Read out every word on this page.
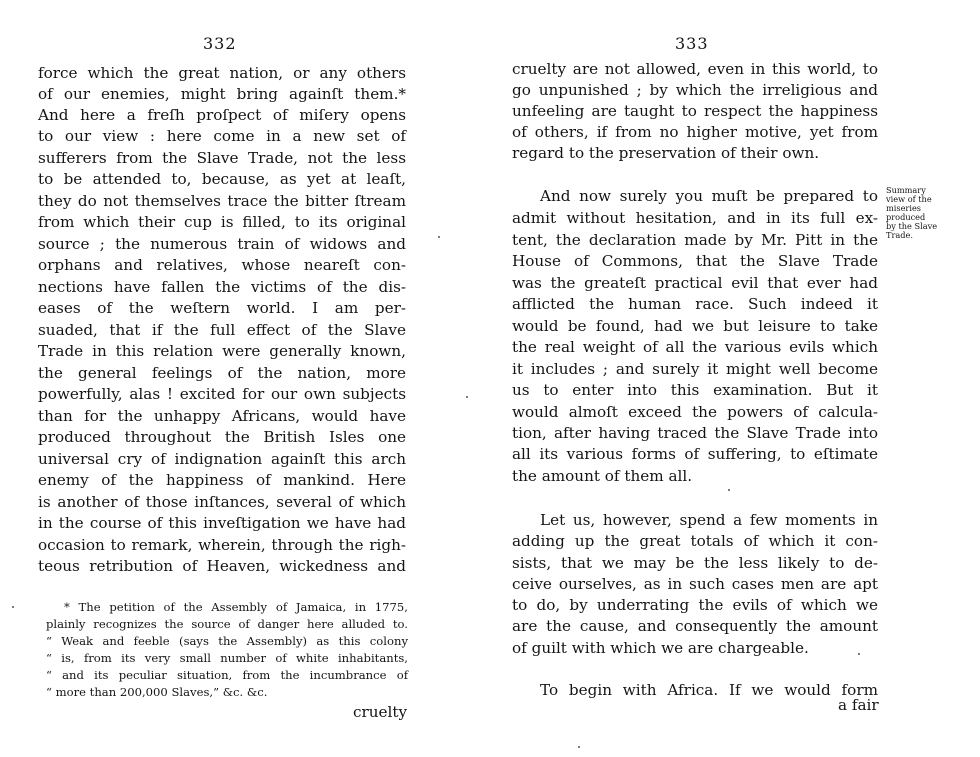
332
force which the great nation, or any others
of our enemies, might bring againſt them.*
And here a freſh proſpect of miſery opens
to our view : here come in a new set of
sufferers from the Slave Trade, not the less
to be attended to, because, as yet at leaſt,
they do not themselves trace the bitter ſtream
from which their cup is filled, to its original
source ; the numerous train of widows and
orphans and relatives, whose neareſt con-
nections have fallen the victims of the dis-
eases of the weſtern world. I am per-
suaded, that if the full effect of the Slave
Trade in this relation were generally known,
the general feelings of the nation, more
powerfully, alas ! excited for our own subjects
than for the unhappy Africans, would have
produced throughout the British Isles one
universal cry of indignation againſt this arch
enemy of the happiness of mankind. Here
is another of those inſtances, several of which
in the course of this inveſtigation we have had
occasion to remark, wherein, through the righ-
teous retribution of Heaven, wickedness and
* The petition of the Assembly of Jamaica, in 1775,
plainly recognizes the source of danger here alluded to.
“ Weak and feeble (says the Assembly) as this colony
“ is, from its very small number of white inhabitants,
“ and its peculiar situation, from the incumbrance of
“ more than 200,000 Slaves,” &c. &c.
cruelty
333
cruelty are not allowed, even in this world, to
go unpunished ; by which the irreligious and
unfeeling are taught to respect the happiness
of others, if from no higher motive, yet from
regard to the preservation of their own.
And now surely you muſt be prepared to
admit without hesitation, and in its full ex-
tent, the declaration made by Mr. Pitt in the
House of Commons, that the Slave Trade
was the greateſt practical evil that ever had
afflicted the human race. Such indeed it
would be found, had we but leisure to take
the real weight of all the various evils which
it includes ; and surely it might well become
us to enter into this examination. But it
would almoſt exceed the powers of calcula-
tion, after having traced the Slave Trade into
all its various forms of suffering, to eſtimate
the amount of them all.
Let us, however, spend a few moments in
adding up the great totals of which it con-
sists, that we may be the less likely to de-
ceive ourselves, as in such cases men are apt
to do, by underrating the evils of which we
are the cause, and consequently the amount
of guilt with which we are chargeable.
To begin with Africa. If we would form
a fair
Summary
view of the
miseries
produced
by the Slave
Trade.
